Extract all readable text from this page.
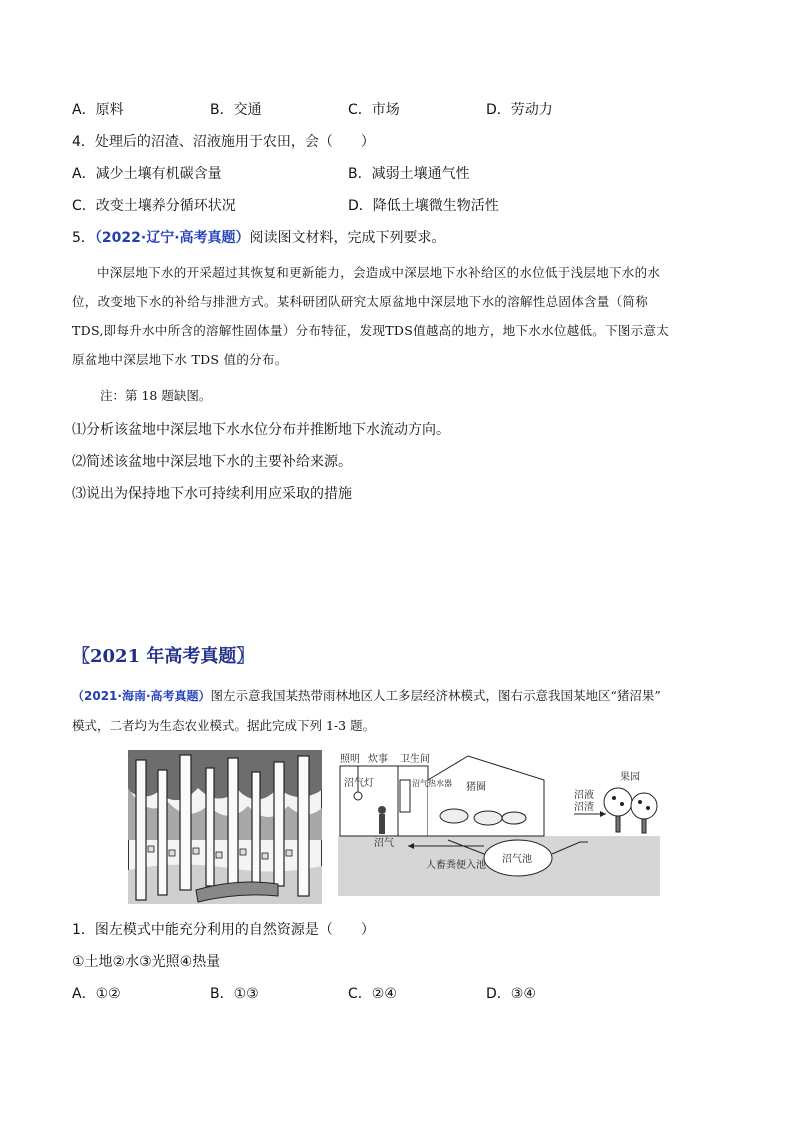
A．原料	B．交通	C．市场	D．劳动力
4．处理后的沼渣、沼液施用于农田，会（　　）
A．减少土壤有机碳含量	B．减弱土壤通气性
C．改变土壤养分循环状况	D．降低土壤微生物活性
5．（2022·辽宁·高考真题）阅读图文材料，完成下列要求。
中深层地下水的开采超过其恢复和更新能力，会造成中深层地下水补给区的水位低于浅层地下水的水
位，改变地下水的补给与排泄方式。某科研团队研究太原盆地中深层地下水的溶解性总固体含量（简称
TDS,即每升水中所含的溶解性固体量）分布特征，发现TDS值越高的地方，地下水水位越低。下图示意太
原盆地中深层地下水 TDS 值的分布。
注：第 18 题缺图。
⑴分析该盆地中深层地下水水位分布并推断地下水流动方向。
⑵简述该盆地中深层地下水的主要补给来源。
⑶说出为保持地下水可持续利用应采取的措施
〖2021 年高考真题〗
（2021·海南·高考真题）图左示意我国某热带雨林地区人工多层经济林模式，图右示意我国某地区“猪沼果”
模式，二者均为生态农业模式。据此完成下列 1-3 题。
照明 炊事 卫生间
沼气灯	沼气热水器 猪圈
果园
沼液
沼渣
沼气
沼气池
人畜粪便入池
1．图左模式中能充分利用的自然资源是（　　）
①土地②水③光照④热量
A．①②	B．①③	C．②④	D．③④
